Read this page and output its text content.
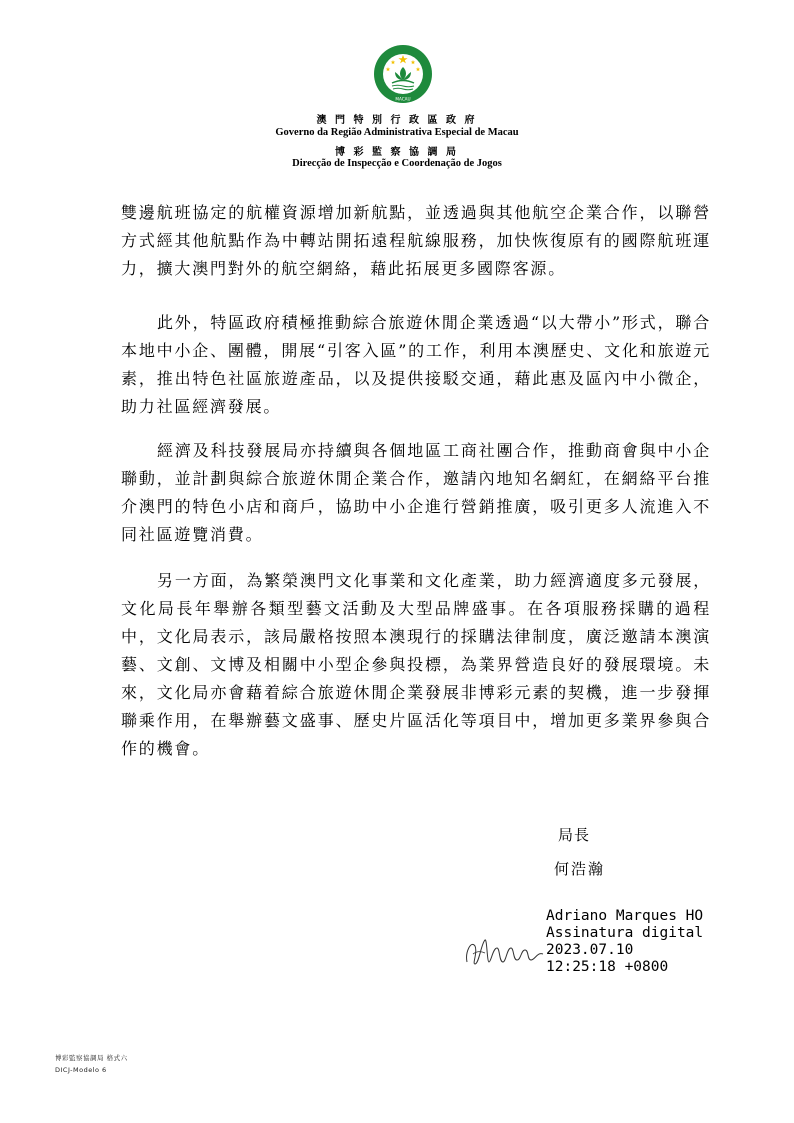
MACAU
澳 門 特 別 行 政 區 政 府
Governo da Região Administrativa Especial de Macau
博 彩 監 察 協 調 局
Direcção de Inspecção e Coordenação de Jogos

雙邊航班協定的航權資源增加新航點，並透過與其他航空企業合作，以聯營方式經其他航點作為中轉站開拓遠程航線服務，加快恢復原有的國際航班運力，擴大澳門對外的航空網絡，藉此拓展更多國際客源。

此外，特區政府積極推動綜合旅遊休閒企業透過“以大帶小”形式，聯合本地中小企、團體，開展“引客入區”的工作，利用本澳歷史、文化和旅遊元素，推出特色社區旅遊產品，以及提供接駁交通，藉此惠及區內中小微企，助力社區經濟發展。

經濟及科技發展局亦持續與各個地區工商社團合作，推動商會與中小企聯動，並計劃與綜合旅遊休閒企業合作，邀請內地知名網紅，在網絡平台推介澳門的特色小店和商戶，協助中小企進行營銷推廣，吸引更多人流進入不同社區遊覽消費。

另一方面，為繁榮澳門文化事業和文化產業，助力經濟適度多元發展，文化局長年舉辦各類型藝文活動及大型品牌盛事。在各項服務採購的過程中，文化局表示，該局嚴格按照本澳現行的採購法律制度，廣泛邀請本澳演藝、文創、文博及相關中小型企參與投標，為業界營造良好的發展環境。未來，文化局亦會藉着綜合旅遊休閒企業發展非博彩元素的契機，進一步發揮聯乘作用，在舉辦藝文盛事、歷史片區活化等項目中，增加更多業界參與合作的機會。

局長
何浩瀚
Adriano Marques HO
Assinatura digital
2023.07.10
12:25:18 +0800
博彩監察協調局 格式六
DICJ-Modelo 6
